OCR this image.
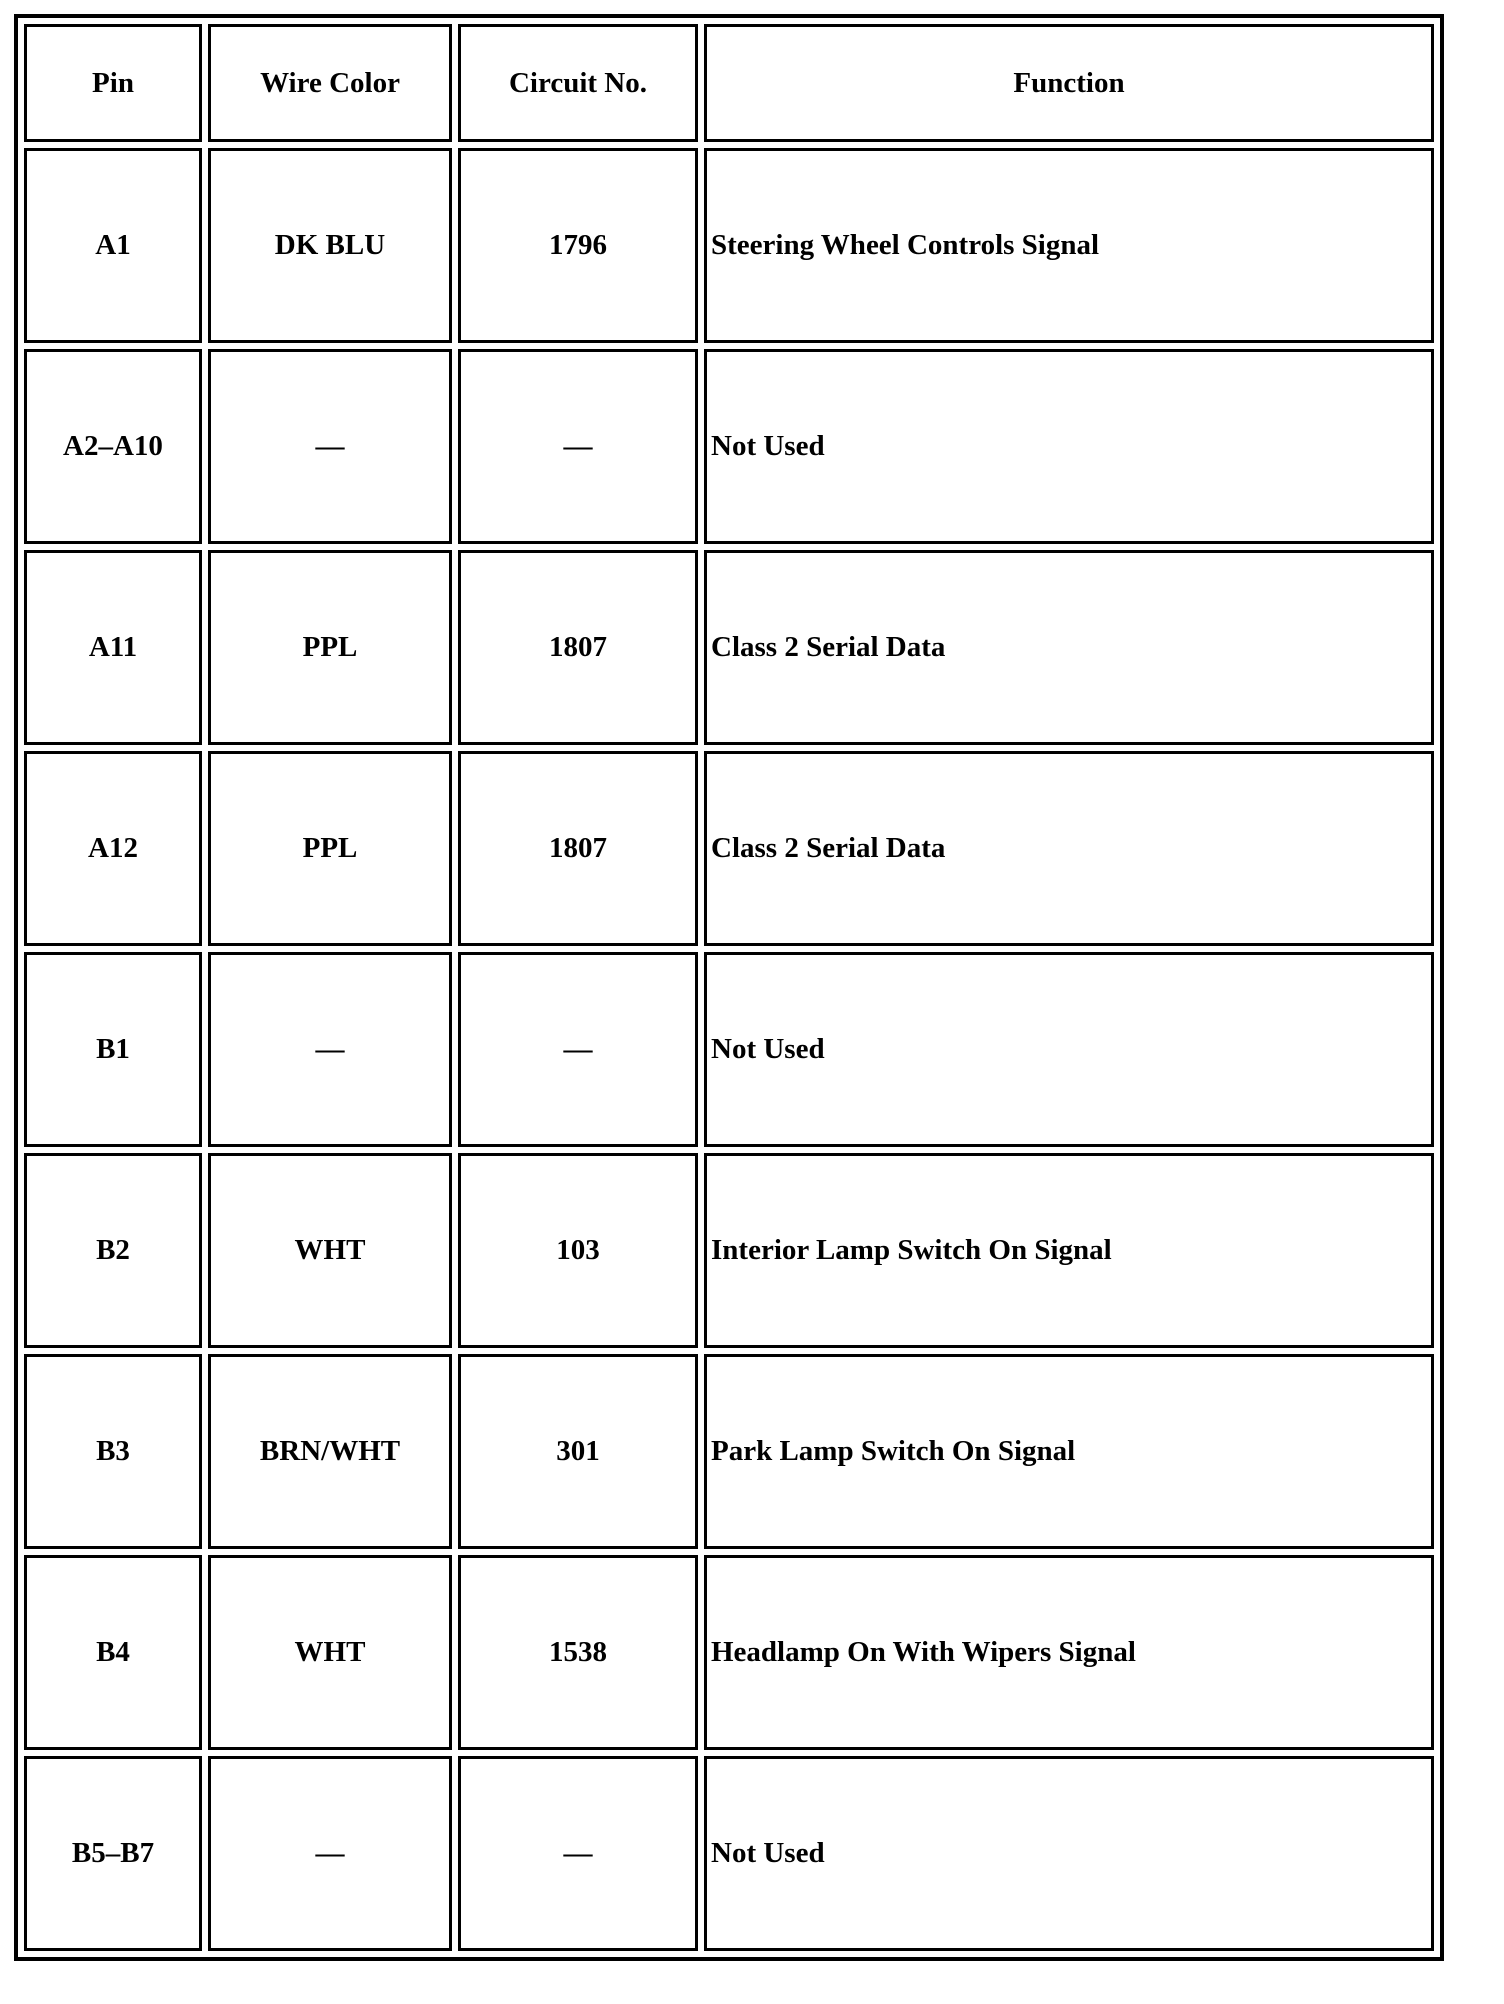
Pin	Wire Color	Circuit No.	Function
A1	DK BLU	1796	Steering Wheel Controls Signal
A2–A10	—	—	Not Used
A11	PPL	1807	Class 2 Serial Data
A12	PPL	1807	Class 2 Serial Data
B1	—	—	Not Used
B2	WHT	103	Interior Lamp Switch On Signal
B3	BRN/WHT	301	Park Lamp Switch On Signal
B4	WHT	1538	Headlamp On With Wipers Signal
B5–B7	—	—	Not Used
